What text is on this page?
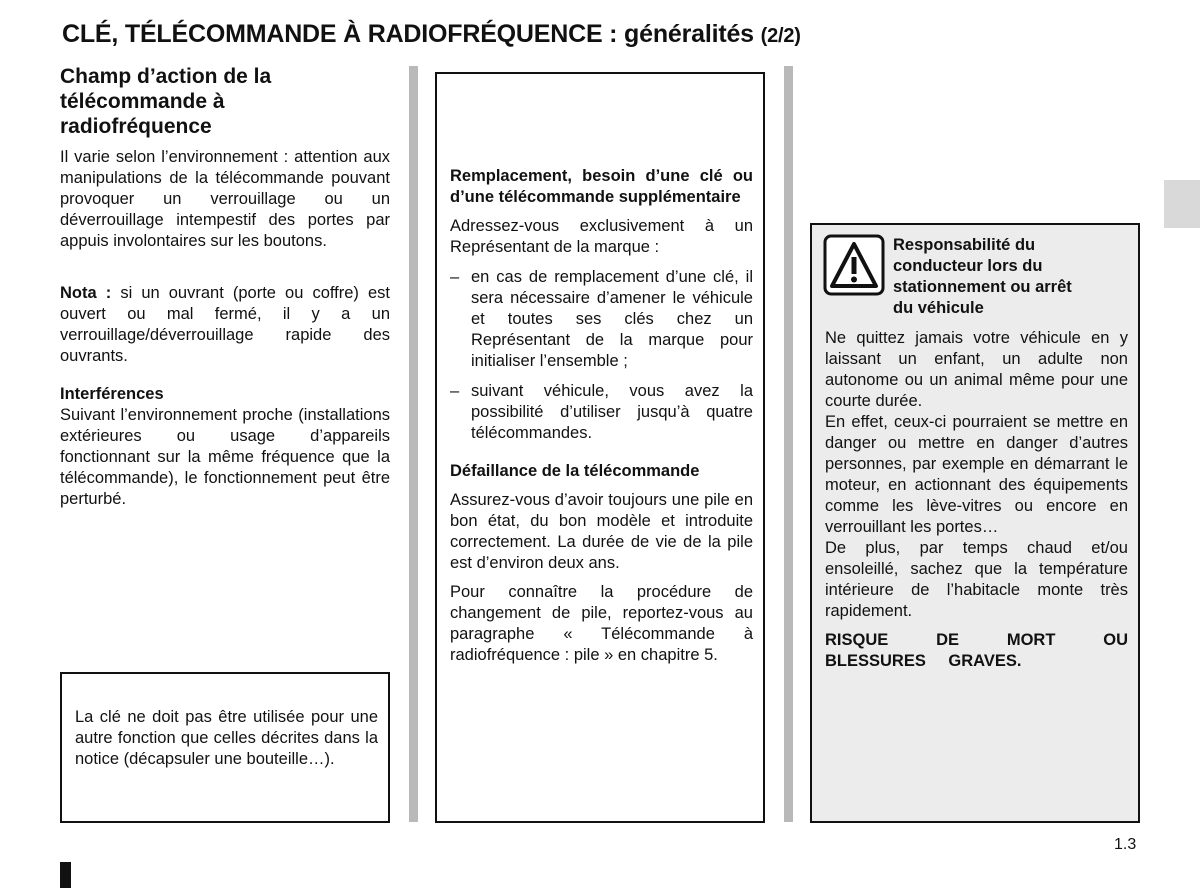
CLÉ, TÉLÉCOMMANDE À RADIOFRÉQUENCE : généralités (2/2)
Champ d’action de la télécommande à radiofréquence

Il varie selon l’environnement : attention aux manipulations de la télécommande pouvant provoquer un verrouillage ou un déverrouillage intempestif des portes par appuis involontaires sur les boutons.

Nota : si un ouvrant (porte ou coffre) est ouvert ou mal fermé, il y a un verrouillage/déverrouillage rapide des ouvrants.

Interférences

Suivant l’environnement proche (installations extérieures ou usage d’appareils fonctionnant sur la même fréquence que la télécommande), le fonctionnement peut être perturbé.

La clé ne doit pas être utilisée pour une autre fonction que celles décrites dans la notice (décapsuler une bouteille…).

Remplacement, besoin d’une clé ou d’une télécommande supplémentaire

Adressez-vous exclusivement à un Représentant de la marque :

– en cas de remplacement d’une clé, il sera nécessaire d’amener le véhicule et toutes ses clés chez un Représentant de la marque pour initialiser l’ensemble ;
– suivant véhicule, vous avez la possibilité d’utiliser jusqu’à quatre télécommandes.

Défaillance de la télécommande

Assurez-vous d’avoir toujours une pile en bon état, du bon modèle et introduite correctement. La durée de vie de la pile est d’environ deux ans.

Pour connaître la procédure de changement de pile, reportez-vous au paragraphe « Télécommande à radiofréquence : pile » en chapitre 5.

Responsabilité du conducteur lors du stationnement ou arrêt du véhicule

Ne quittez jamais votre véhicule en y laissant un enfant, un adulte non autonome ou un animal même pour une courte durée.

En effet, ceux-ci pourraient se mettre en danger ou mettre en danger d’autres personnes, par exemple en démarrant le moteur, en actionnant des équipements comme les lève-vitres ou encore en verrouillant les portes…

De plus, par temps chaud et/ou ensoleillé, sachez que la température intérieure de l’habitacle monte très rapidement.

RISQUE DE MORT OU BLESSURES GRAVES.

1.3
